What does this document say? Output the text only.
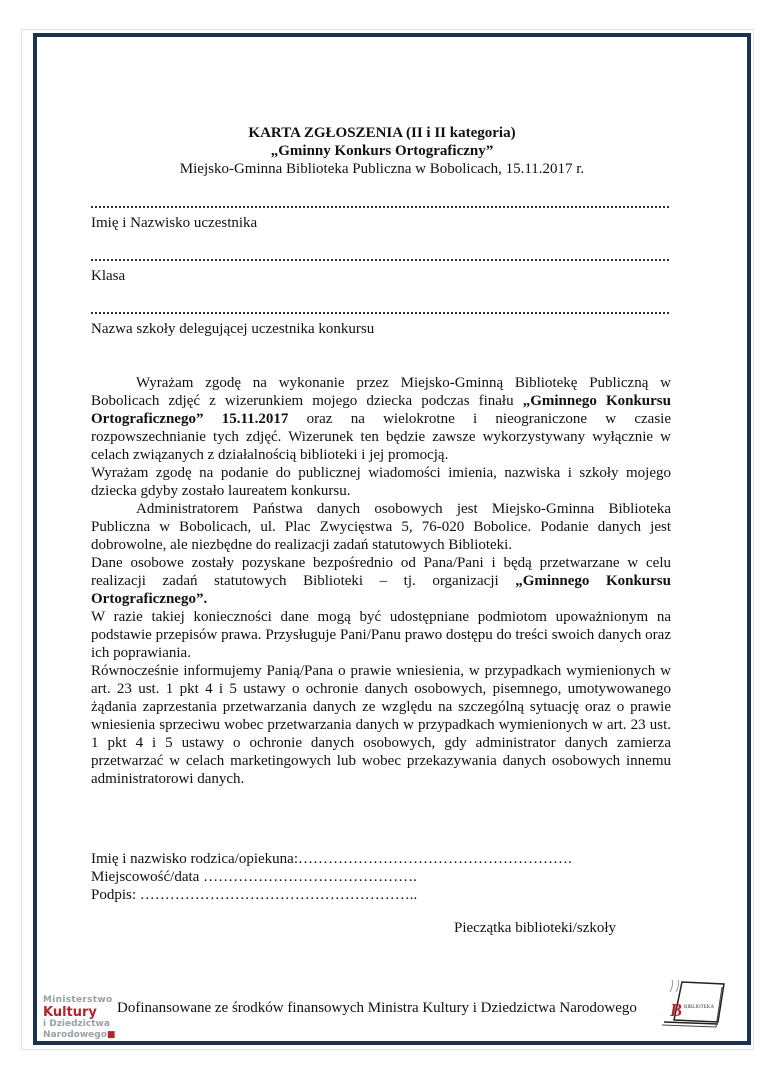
KARTA ZGŁOSZENIA (II i II kategoria)
„Gminny Konkurs Ortograficzny”
Miejsko-Gminna Biblioteka Publiczna w Bobolicach, 15.11.2017 r.
Imię i Nazwisko uczestnika
Klasa
Nazwa szkoły delegującej uczestnika konkursu

Wyrażam zgodę na wykonanie przez Miejsko-Gminną Bibliotekę Publiczną w Bobolicach zdjęć z wizerunkiem mojego dziecka podczas finału „Gminnego Konkursu Ortograficznego” 15.11.2017 oraz na wielokrotne i nieograniczone w czasie rozpowszechnianie tych zdjęć. Wizerunek ten będzie zawsze wykorzystywany wyłącznie w celach związanych z działalnością biblioteki i jej promocją.

Wyrażam zgodę na podanie do publicznej wiadomości imienia, nazwiska i szkoły mojego dziecka gdyby zostało laureatem konkursu.

Administratorem Państwa danych osobowych jest Miejsko-Gminna Biblioteka Publiczna w Bobolicach, ul. Plac Zwycięstwa 5, 76-020 Bobolice. Podanie danych jest dobrowolne, ale niezbędne do realizacji zadań statutowych Biblioteki.

Dane osobowe zostały pozyskane bezpośrednio od Pana/Pani i będą przetwarzane w celu realizacji zadań statutowych Biblioteki – tj. organizacji „Gminnego Konkursu Ortograficznego”.

W razie takiej konieczności dane mogą być udostępniane podmiotom upoważnionym na podstawie przepisów prawa. Przysługuje Pani/Panu prawo dostępu do treści swoich danych oraz ich poprawiania.

Równocześnie informujemy Panią/Pana o prawie wniesienia, w przypadkach wymienionych w art. 23 ust. 1 pkt 4 i 5 ustawy o ochronie danych osobowych, pisemnego, umotywowanego żądania zaprzestania przetwarzania danych ze względu na szczególną sytuację oraz o prawie wniesienia sprzeciwu wobec przetwarzania danych w przypadkach wymienionych w art. 23 ust. 1 pkt 4 i 5 ustawy o ochronie danych osobowych, gdy administrator danych zamierza przetwarzać w celach marketingowych lub wobec przekazywania danych osobowych innemu administratorowi danych.

Imię i nazwisko rodzica/opiekuna:……………………………………………….
Miejscowość/data …………………………………….
Podpis: ………………………………………………..
Pieczątka biblioteki/szkoły
Ministerstwo
Kultury
i Dziedzictwa
Narodowego■
Dofinansowane ze środków finansowych Ministra Kultury i Dziedzictwa Narodowego B BIBLIOTEKA
